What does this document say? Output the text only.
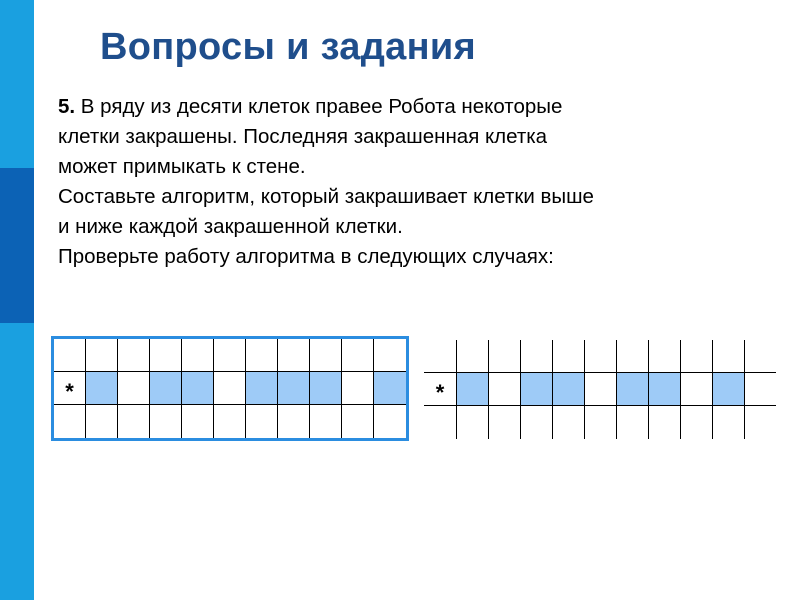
Вопросы и задания
5. В ряду из десяти клеток правее Робота некоторые
клетки закрашены. Последняя закрашенная клетка
может примыкать к стене.
Составьте алгоритм, который закрашивает клетки выше
и ниже каждой закрашенной клетки.
Проверьте работу алгоритма в следующих случаях:
*	*
